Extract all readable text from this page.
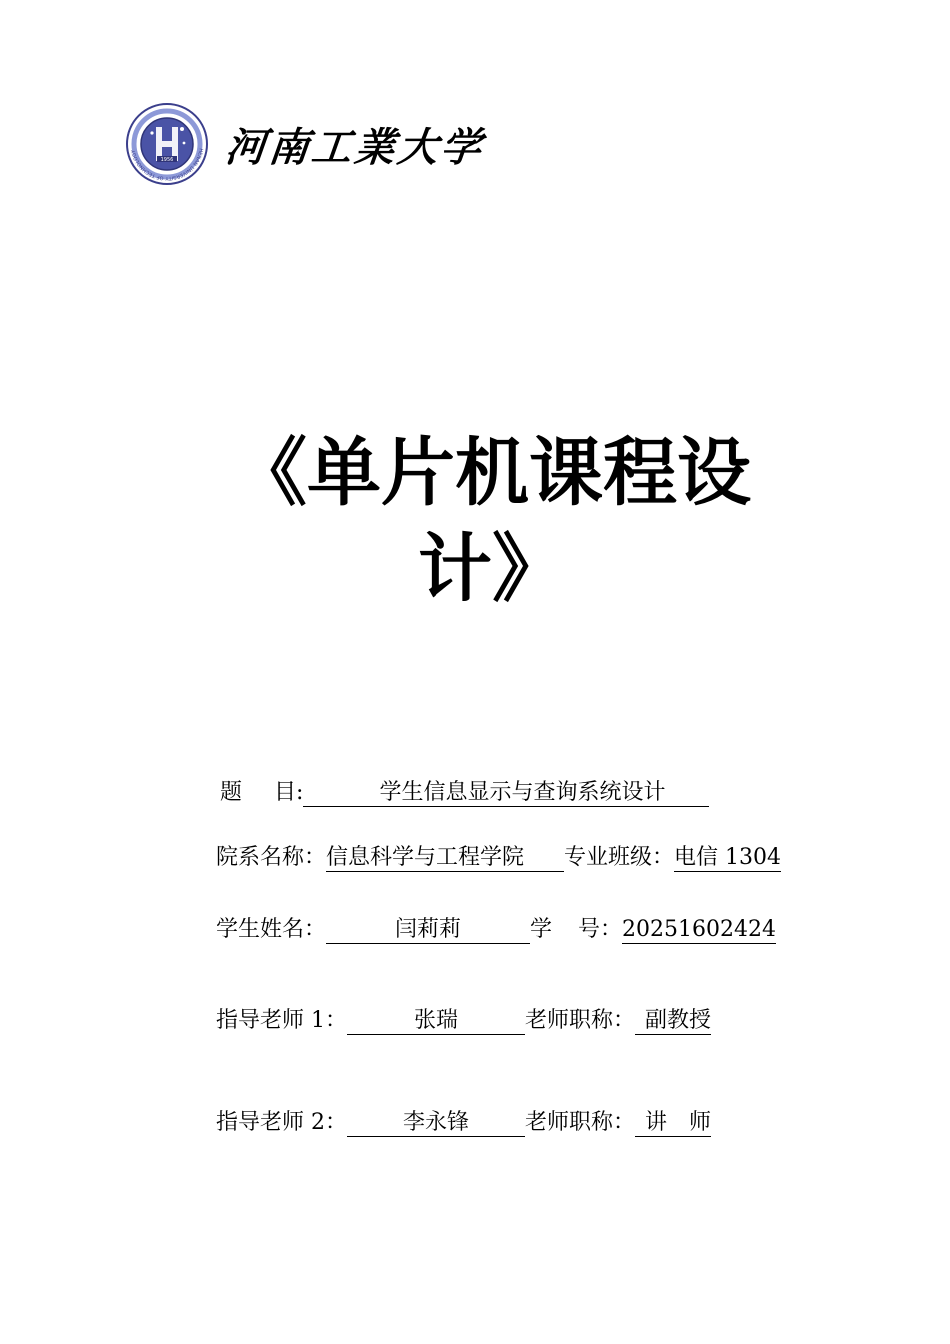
1956
HENAN UNIVERSITY OF TECHNOLOGY	河南工業大学
《单片机课程设
计》
题 目:	学生信息显示与查询系统设计
院系名称：信息科学与工程学院 专业班级：电信 1304
学生姓名：	闫莉莉	学 号：20251602424
指导老师 1：	张瑞	老师职称： 副教授
指导老师 2：	李永锋	老师职称： 讲　师
